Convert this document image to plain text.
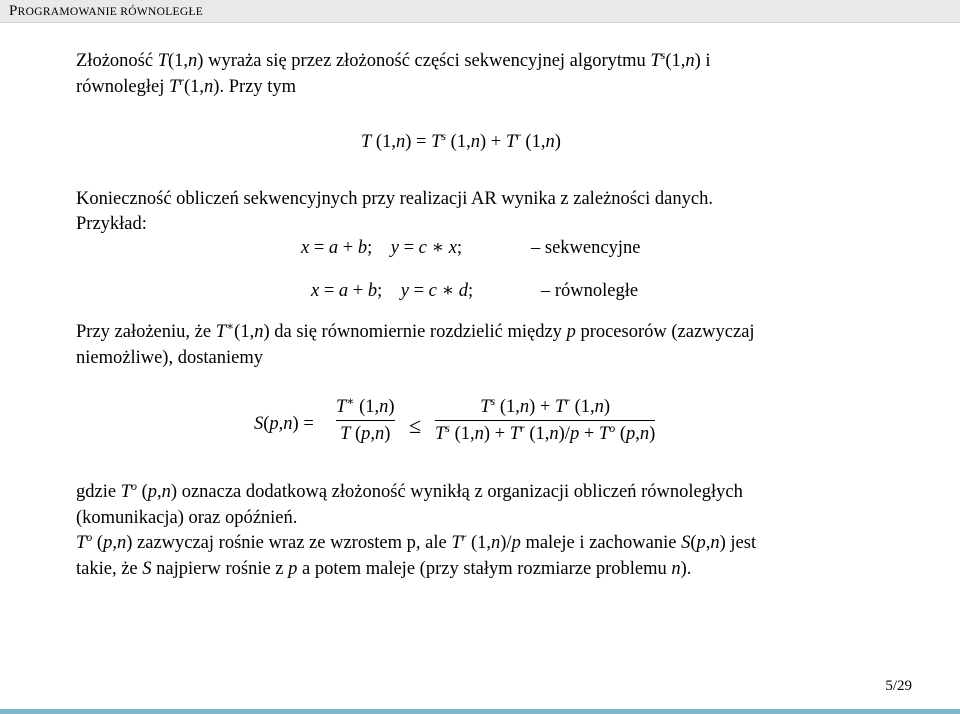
PROGRAMOWANIE RÓWNOLEGŁE
Złożoność T(1,n) wyraża się przez złożoność części sekwencyjnej algorytmu $T^s(1,n)$ i
równoległej $T^r(1,n)$. Przy tym
T $(1,n) = T^s$ $(1,n) + T^r$ (1,n)
Konieczność obliczeń sekwencyjnych przy realizacji AR wynika z zależności danych.
Przykład:
x = a + b;    y = c ∗ x;	– sekwencyjne
x = a + b;    y = c ∗ d;	– równoległe
Przy założeniu, że T∗(1,n) da się równomiernie rozdzielić między p procesorów (zazwyczaj
niemożliwe), dostaniemy
S(p,n) =
T∗ (1,n)
T (p,n) ≤
$T^s$ $(1,n) + T^r$ (1,n)
$T^s$ $(1,n) + T^r$ $(1,n)/p + T^o$ (p,n)
gdzie $T^o$ (p,n) oznacza dodatkową złożoność wynikłą z organizacji obliczeń równoległych
(komunikacja) oraz opóźnień.
$T^o$ (p,n) zazwyczaj rośnie wraz ze wzrostem p, ale $T^r$ (1,n)/p maleje i zachowanie S(p,n) jest
takie, że S najpierw rośnie z p a potem maleje (przy stałym rozmiarze problemu n).
5/29
